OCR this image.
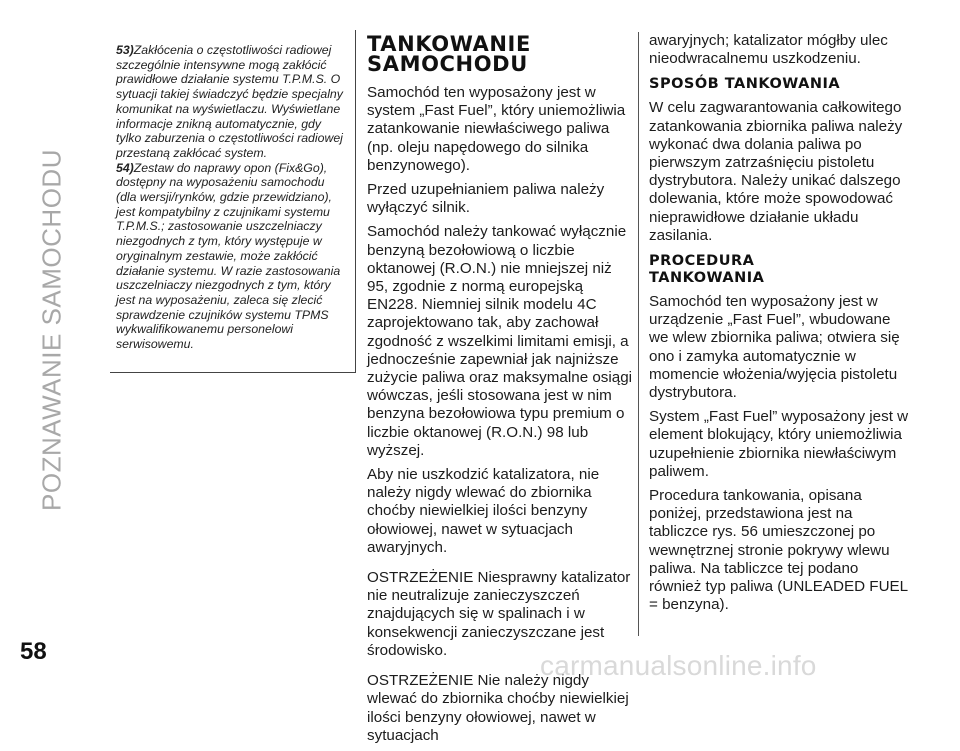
POZNAWANIE SAMOCHODU
58

53)Zakłócenia o częstotliwości radiowej szczególnie intensywne mogą zakłócić prawidłowe działanie systemu T.P.M.S. O sytuacji takiej świadczyć będzie specjalny komunikat na wyświetlaczu. Wyświetlane informacje znikną automatycznie, gdy tylko zaburzenia o częstotliwości radiowej przestaną zakłócać system.

54)Zestaw do naprawy opon (Fix&Go), dostępny na wyposażeniu samochodu (dla wersji/rynków, gdzie przewidziano), jest kompatybilny z czujnikami systemu T.P.M.S.; zastosowanie uszczelniaczy niezgodnych z tym, który występuje w oryginalnym zestawie, może zakłócić działanie systemu. W razie zastosowania uszczelniaczy niezgodnych z tym, który jest na wyposażeniu, zaleca się zlecić sprawdzenie czujników systemu TPMS wykwalifikowanemu personelowi serwisowemu.

TANKOWANIE
SAMOCHODU

Samochód ten wyposażony jest w system „Fast Fuel”, który uniemożliwia zatankowanie niewłaściwego paliwa (np. oleju napędowego do silnika benzynowego).

Przed uzupełnianiem paliwa należy wyłączyć silnik.

Samochód należy tankować wyłącznie benzyną bezołowiową o liczbie oktanowej (R.O.N.) nie mniejszej niż 95, zgodnie z normą europejską EN228. Niemniej silnik modelu 4C zaprojektowano tak, aby zachował zgodność z wszelkimi limitami emisji, a jednocześnie zapewniał jak najniższe zużycie paliwa oraz maksymalne osiągi wówczas, jeśli stosowana jest w nim benzyna bezołowiowa typu premium o liczbie oktanowej (R.O.N.) 98 lub wyższej.

Aby nie uszkodzić katalizatora, nie należy nigdy wlewać do zbiornika choćby niewielkiej ilości benzyny ołowiowej, nawet w sytuacjach awaryjnych.

OSTRZEŻENIE Niesprawny katalizator nie neutralizuje zanieczyszczeń znajdujących się w spalinach i w konsekwencji zanieczyszczane jest środowisko.

OSTRZEŻENIE Nie należy nigdy wlewać do zbiornika choćby niewielkiej ilości benzyny ołowiowej, nawet w sytuacjach

awaryjnych; katalizator mógłby ulec nieodwracalnemu uszkodzeniu.

SPOSÓB TANKOWANIA

W celu zagwarantowania całkowitego zatankowania zbiornika paliwa należy wykonać dwa dolania paliwa po pierwszym zatrzaśnięciu pistoletu dystrybutora. Należy unikać dalszego dolewania, które może spowodować nieprawidłowe działanie układu zasilania.

PROCEDURA
TANKOWANIA

Samochód ten wyposażony jest w urządzenie „Fast Fuel”, wbudowane we wlew zbiornika paliwa; otwiera się ono i zamyka automatycznie w momencie włożenia/wyjęcia pistoletu dystrybutora.

System „Fast Fuel” wyposażony jest w element blokujący, który uniemożliwia uzupełnienie zbiornika niewłaściwym paliwem.

Procedura tankowania, opisana poniżej, przedstawiona jest na tabliczce rys. 56 umieszczonej po wewnętrznej stronie pokrywy wlewu paliwa. Na tabliczce tej podano również typ paliwa (UNLEADED FUEL = benzyna).

carmanualsonline.info
